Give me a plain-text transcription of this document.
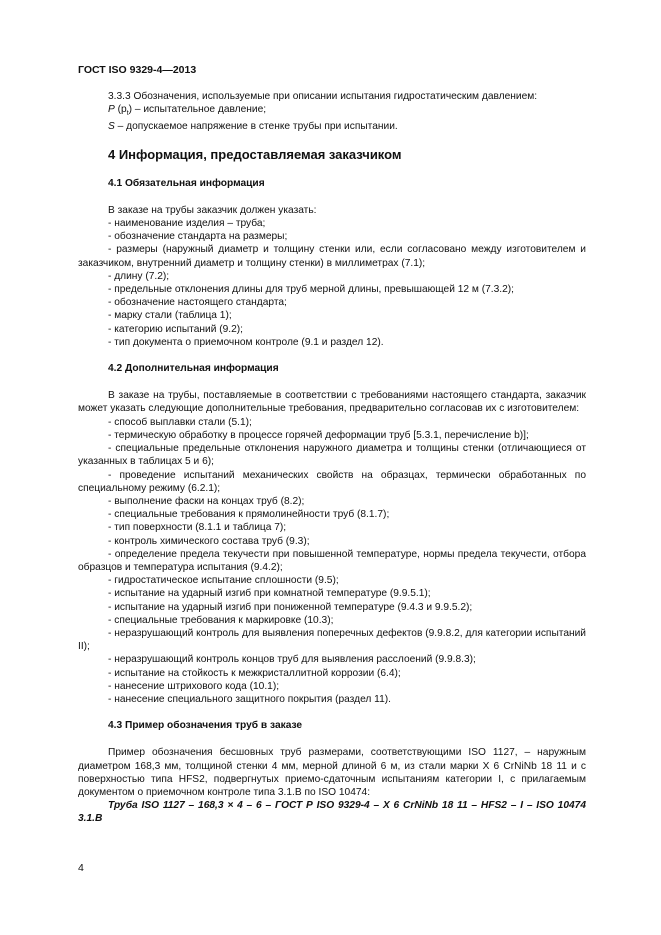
ГОСТ ISO 9329-4—2013

3.3.3 Обозначения, используемые при описании испытания гидростатическим давлением:

P $(p_t)$ – испытательное давление;

S – допускаемое напряжение в стенке трубы при испытании.

4 Информация, предоставляемая заказчиком
4.1 Обязательная информация

В заказе на трубы заказчик должен указать:

- наименование изделия – труба;

- обозначение стандарта на размеры;

- размеры (наружный диаметр и толщину стенки или, если согласовано между изготовителем и заказчиком, внутренний диаметр и толщину стенки) в миллиметрах (7.1);

- длину (7.2);

- предельные отклонения длины для труб мерной длины, превышающей 12 м (7.3.2);

- обозначение настоящего стандарта;

- марку стали (таблица 1);

- категорию испытаний (9.2);

- тип документа о приемочном контроле (9.1 и раздел 12).

4.2 Дополнительная информация

В заказе на трубы, поставляемые в соответствии с требованиями настоящего стандарта, заказчик может указать следующие дополнительные требования, предварительно согласовав их с изготовителем:

- способ выплавки стали (5.1);

- термическую обработку в процессе горячей деформации труб [5.3.1, перечисление b)];

- специальные предельные отклонения наружного диаметра и толщины стенки (отличающиеся от указанных в таблицах 5 и 6);

- проведение испытаний механических свойств на образцах, термически обработанных по специальному режиму (6.2.1);

- выполнение фаски на концах труб (8.2);

- специальные требования к прямолинейности труб (8.1.7);

- тип поверхности (8.1.1 и таблица 7);

- контроль химического состава труб (9.3);

- определение предела текучести при повышенной температуре, нормы предела текучести, отбора образцов и температура испытания (9.4.2);

- гидростатическое испытание сплошности (9.5);

- испытание на ударный изгиб при комнатной температуре (9.9.5.1);

- испытание на ударный изгиб при пониженной температуре (9.4.3 и 9.9.5.2);

- специальные требования к маркировке (10.3);

- неразрушающий контроль для выявления поперечных дефектов (9.9.8.2, для категории испытаний II);

- неразрушающий контроль концов труб для выявления расслоений (9.9.8.3);

- испытание на стойкость к межкристаллитной коррозии (6.4);

- нанесение штрихового кода (10.1);

- нанесение специального защитного покрытия (раздел 11).

4.3 Пример обозначения труб в заказе

Пример обозначения бесшовных труб размерами, соответствующими ISO 1127, – наружным диаметром 168,3 мм, толщиной стенки 4 мм, мерной длиной 6 м, из стали марки X 6 CrNiNb 18 11 и с поверхностью типа HFS2, подвергнутых приемо-сдаточным испытаниям категории I, с прилагаемым документом о приемочном контроле типа 3.1.В по ISO 10474:

Труба ISO 1127 – 168,3 × 4 – 6 – ГОСТ Р ISO 9329-4 – X 6 CrNiNb 18 11 – HFS2 – I – ISO 10474 3.1.B

4
